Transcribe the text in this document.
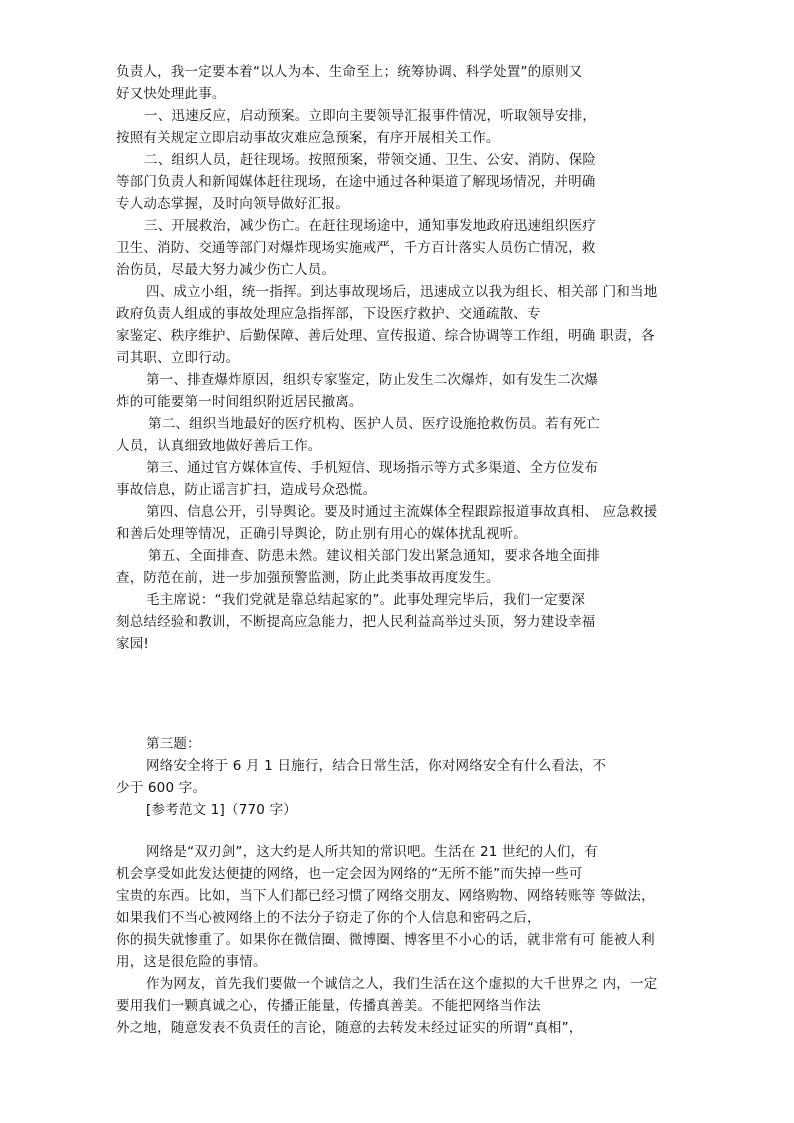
负责人，我一定要本着“以人为本、生命至上；统筹协调、科学处置”的原则又
好又快处理此事。
一、迅速反应，启动预案。立即向主要领导汇报事件情况，听取领导安排，
按照有关规定立即启动事故灾难应急预案，有序开展相关工作。
二、组织人员，赶往现场。按照预案，带领交通、卫生、公安、消防、保险
等部门负责人和新闻媒体赶往现场，在途中通过各种渠道了解现场情况，并明确
专人动态掌握，及时向领导做好汇报。
三、开展救治，减少伤亡。在赶往现场途中，通知事发地政府迅速组织医疗
卫生、消防、交通等部门对爆炸现场实施戒严，千方百计落实人员伤亡情况，救
治伤员，尽最大努力减少伤亡人员。
四、成立小组，统一指挥。到达事故现场后，迅速成立以我为组长、相关部 门和当地
政府负责人组成的事故处理应急指挥部，下设医疗救护、交通疏散、专
家鉴定、秩序维护、后勤保障、善后处理、宣传报道、综合协调等工作组，明确 职责，各
司其职、立即行动。
第一、排查爆炸原因，组织专家鉴定，防止发生二次爆炸，如有发生二次爆
炸的可能要第一时间组织附近居民撤离。
第二、组织当地最好的医疗机构、医护人员、医疗设施抢救伤员。若有死亡
人员，认真细致地做好善后工作。
第三、通过官方媒体宣传、手机短信、现场指示等方式多渠道、全方位发布
事故信息，防止谣言扩扫，造成号众恐慌。
第四、信息公开，引导舆论。要及时通过主流媒体全程跟踪报道事故真相、 应急救援
和善后处理等情况，正确引导舆论，防止别有用心的媒体扰乱视听。
第五、全面排查、防患未然。建议相关部门发出紧急通知，要求各地全面排
查，防范在前，进一步加强预警监测，防止此类事故再度发生。
毛主席说：“我们党就是靠总结起家的”。此事处理完毕后，我们一定要深
刻总结经验和教训，不断提高应急能力，把人民利益高举过头顶，努力建设幸福
家园!
第三题：
网络安全将于 6 月 1 日施行，结合日常生活，你对网络安全有什么看法，不
少于 600 字。
[参考范文 1]（770 字）
网络是“双刃剑”，这大约是人所共知的常识吧。生活在 21 世纪的人们，有
机会享受如此发达便捷的网络，也一定会因为网络的“无所不能”而失掉一些可
宝贵的东西。比如，当下人们都已经习惯了网络交朋友、网络购物、网络转账等 等做法，
如果我们不当心被网络上的不法分子窃走了你的个人信息和密码之后，
你的损失就惨重了。如果你在微信圈、微博圈、博客里不小心的话，就非常有可 能被人利
用，这是很危险的事情。
作为网友，首先我们要做一个诚信之人，我们生活在这个虚拟的大千世界之 内，一定
要用我们一颗真诚之心，传播正能量，传播真善美。不能把网络当作法
外之地，随意发表不负责任的言论，随意的去转发未经过证实的所谓“真相”，
